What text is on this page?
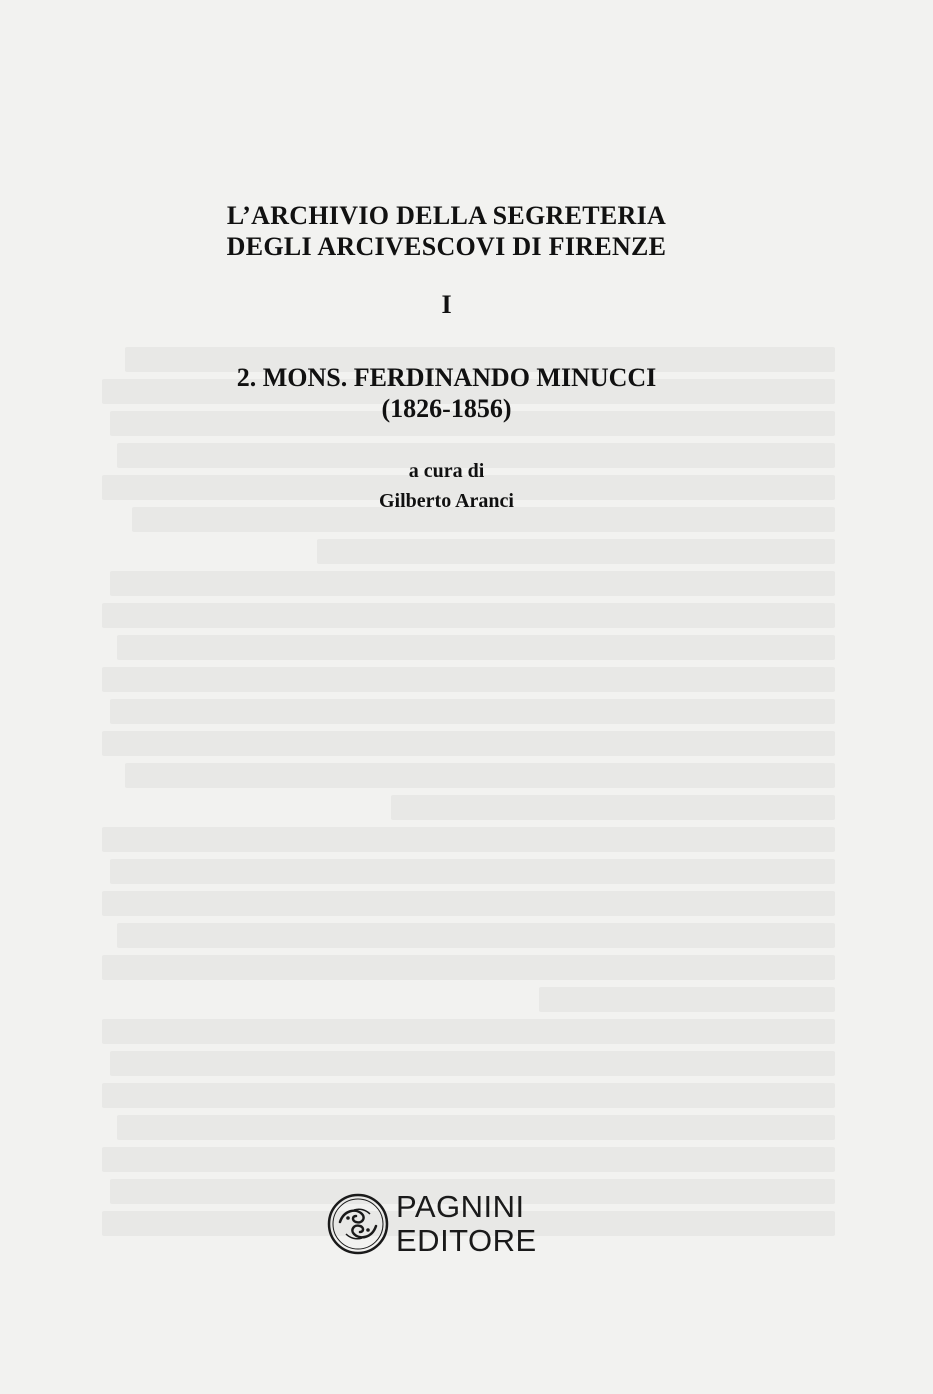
L’ARCHIVIO DELLA SEGRETERIA

DEGLI ARCIVESCOVI DI FIRENZE

I

2. MONS. FERDINANDO MINUCCI

(1826-1856)

a cura di

Gilberto Aranci

PAGNINI
EDITORE
